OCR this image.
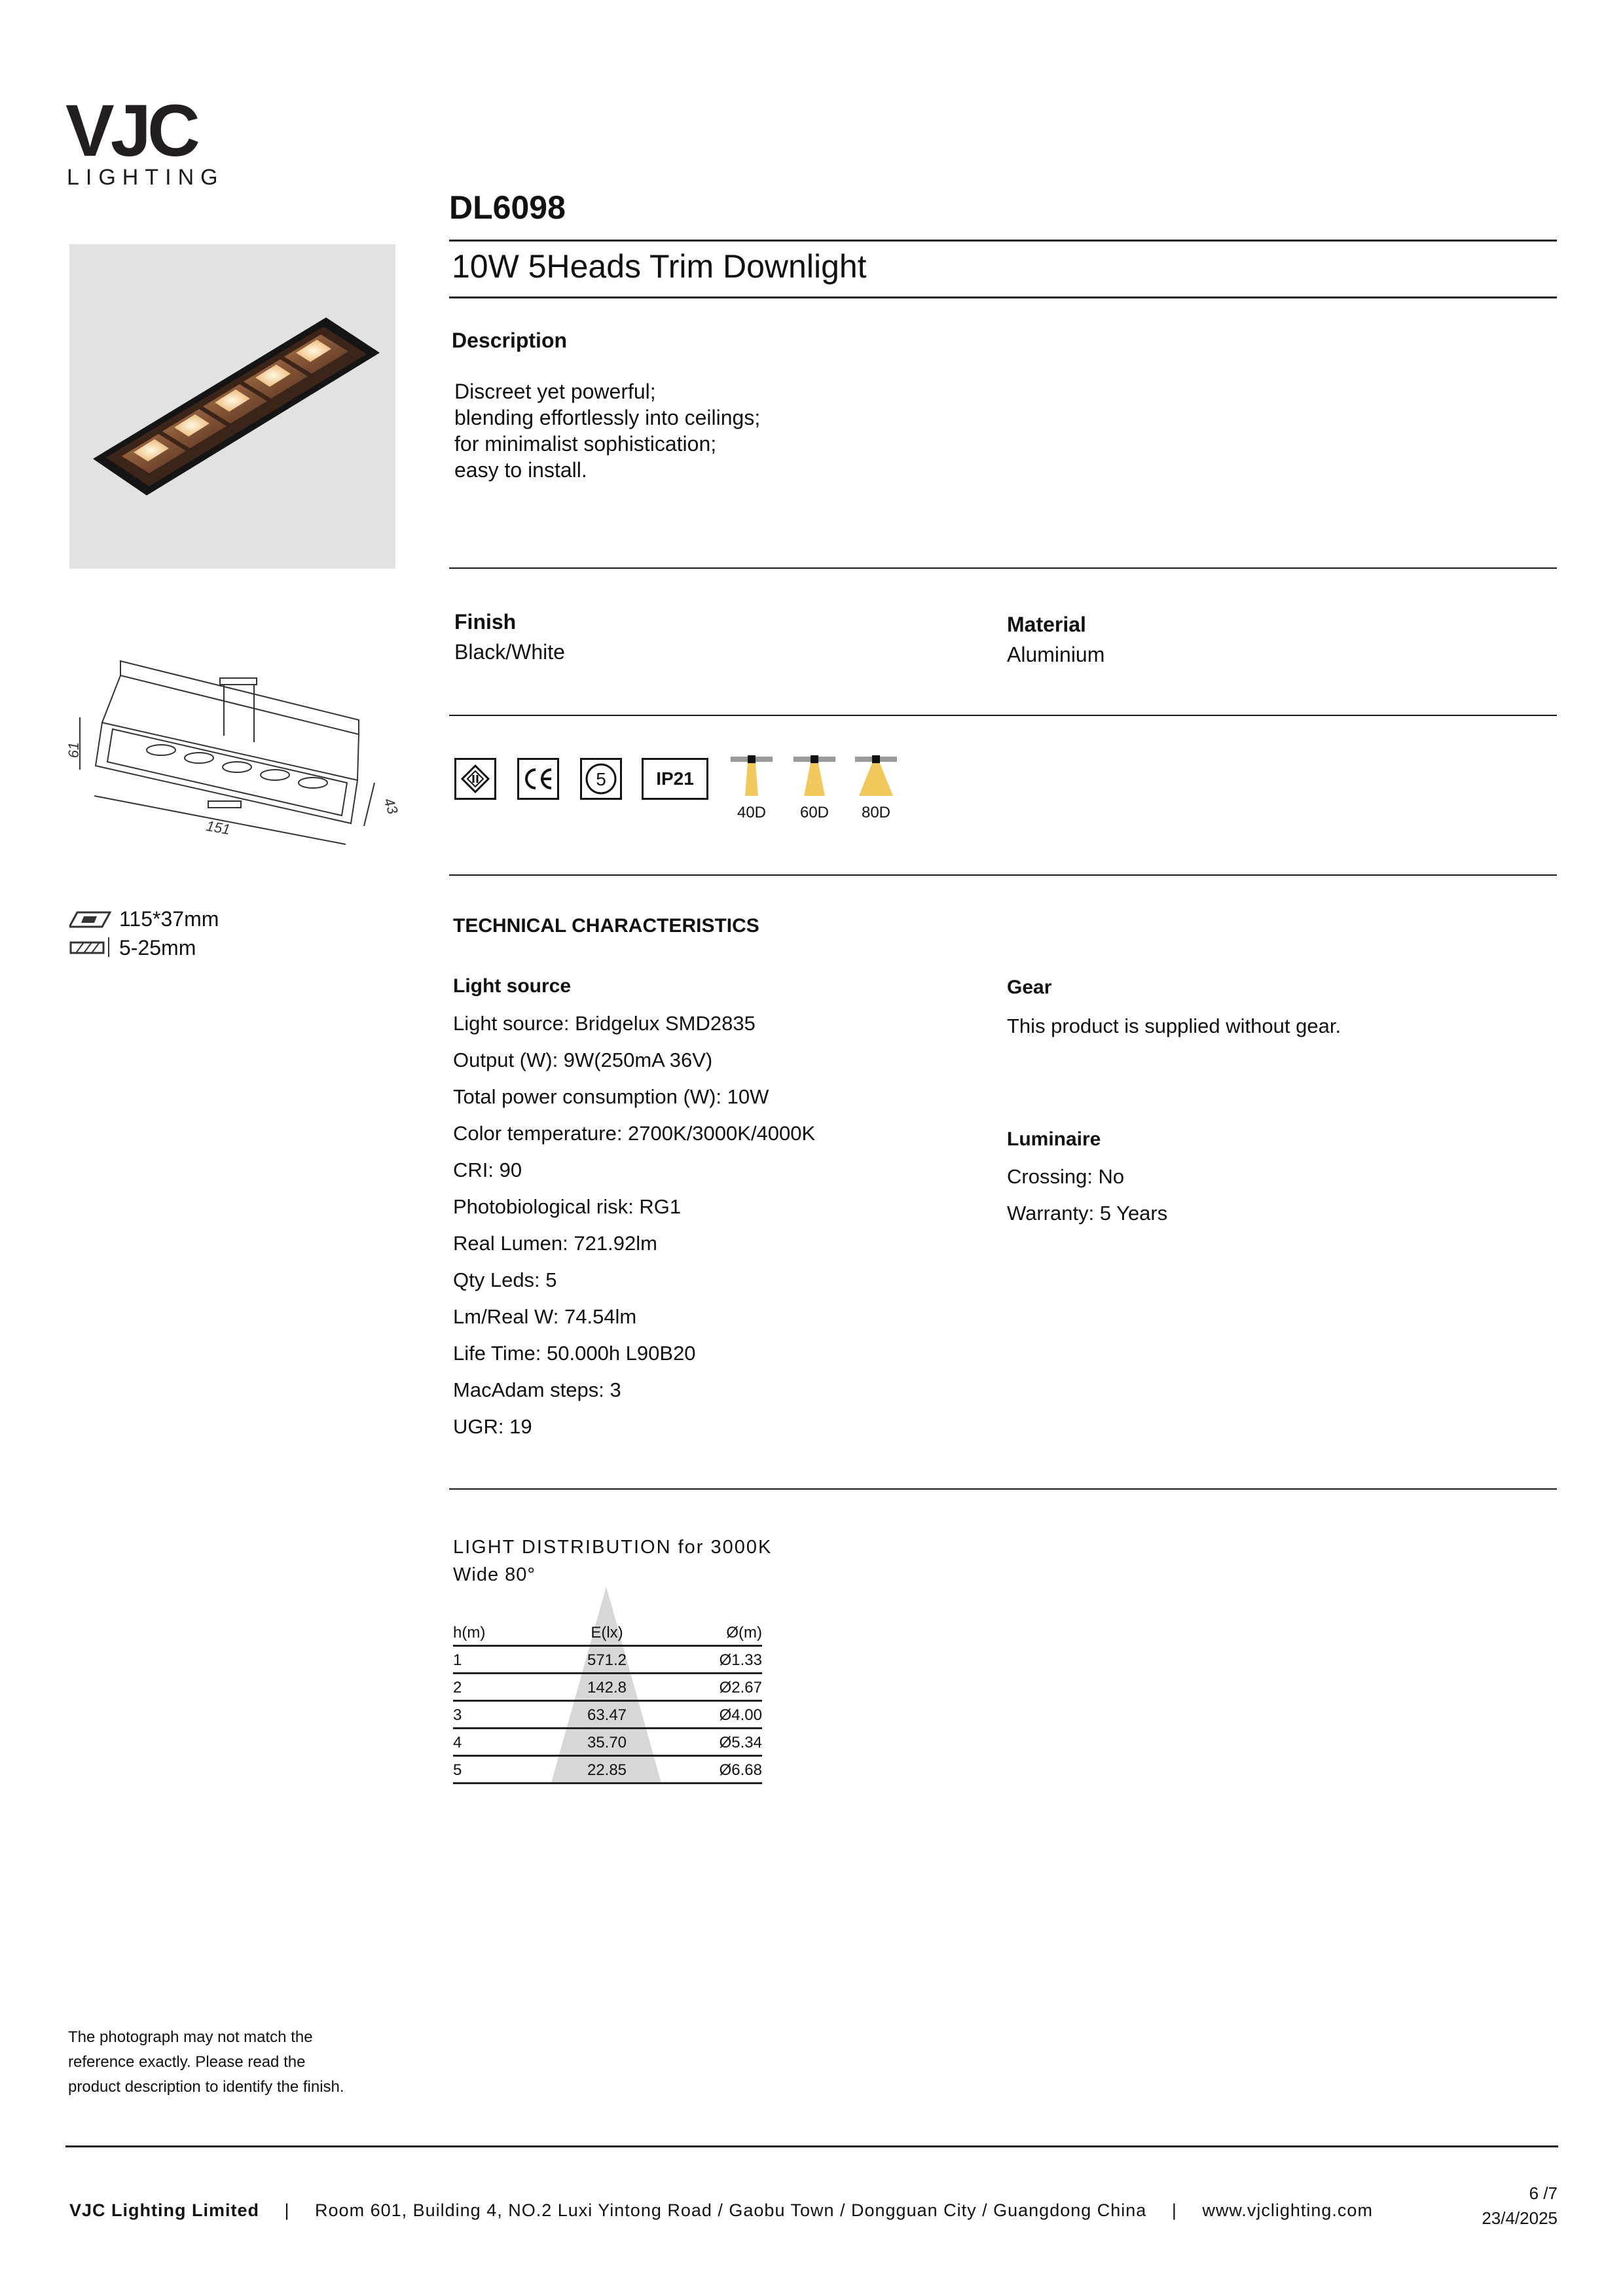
VJC
LIGHTING
DL6098
10W 5Heads Trim Downlight
Description
Discreet yet powerful;
blending effortlessly into ceilings;
for minimalist sophistication;
easy to install.
61
151
43
Finish
Black/White
Material
Aluminium
5	IP21
40D	60D	80D
115*37mm
5-25mm
TECHNICAL CHARACTERISTICS
Light source
Light source: Bridgelux SMD2835
Output (W): 9W(250mA 36V)
Total power consumption (W): 10W
Color temperature: 2700K/3000K/4000K
CRI: 90
Photobiological risk: RG1
Real Lumen: 721.92lm
Qty Leds: 5
Lm/Real W: 74.54lm
Life Time: 50.000h L90B20
MacAdam steps: 3
UGR: 19
Gear
This product is supplied without gear.
Luminaire
Crossing: No
Warranty: 5 Years
LIGHT DISTRIBUTION for 3000K
Wide 80°
h(m)	E(lx)	Ø(m)
1	571.2	Ø1.33
2	142.8	Ø2.67
3	63.47	Ø4.00
4	35.70	Ø5.34
5	22.85	Ø6.68
The photograph may not match the
reference exactly. Please read the
product description to identify the finish.
VJC Lighting Limited | Room 601, Building 4, NO.2 Luxi Yintong Road / Gaobu Town / Dongguan City / Guangdong China | www.vjclighting.com
6 /7
23/4/2025
